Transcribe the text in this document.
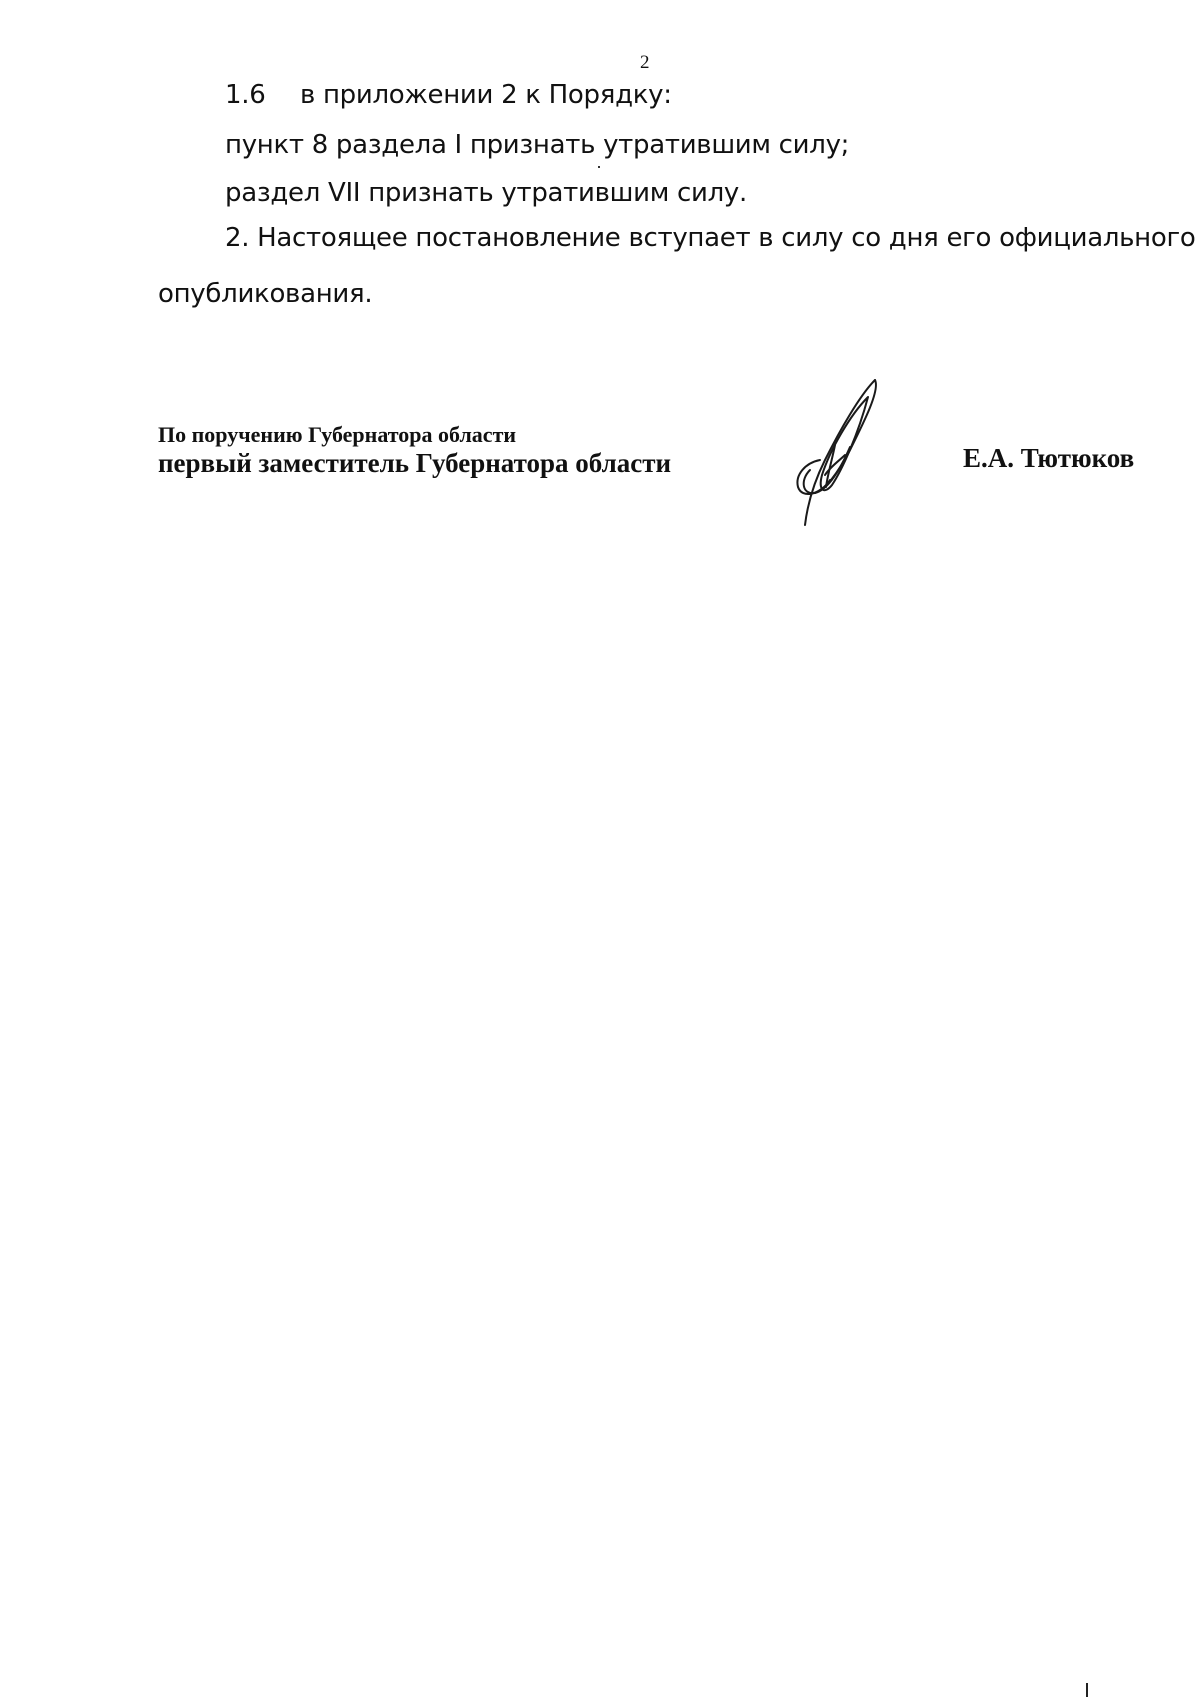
2
1.6 в приложении 2 к Порядку:
пункт 8 раздела I признать утратившим силу;
раздел VII признать утратившим силу.
2. Настоящее постановление вступает в силу со дня его официального
опубликования.
По поручению Губернатора области
первый заместитель Губернатора области	Е.А. Тютюков
